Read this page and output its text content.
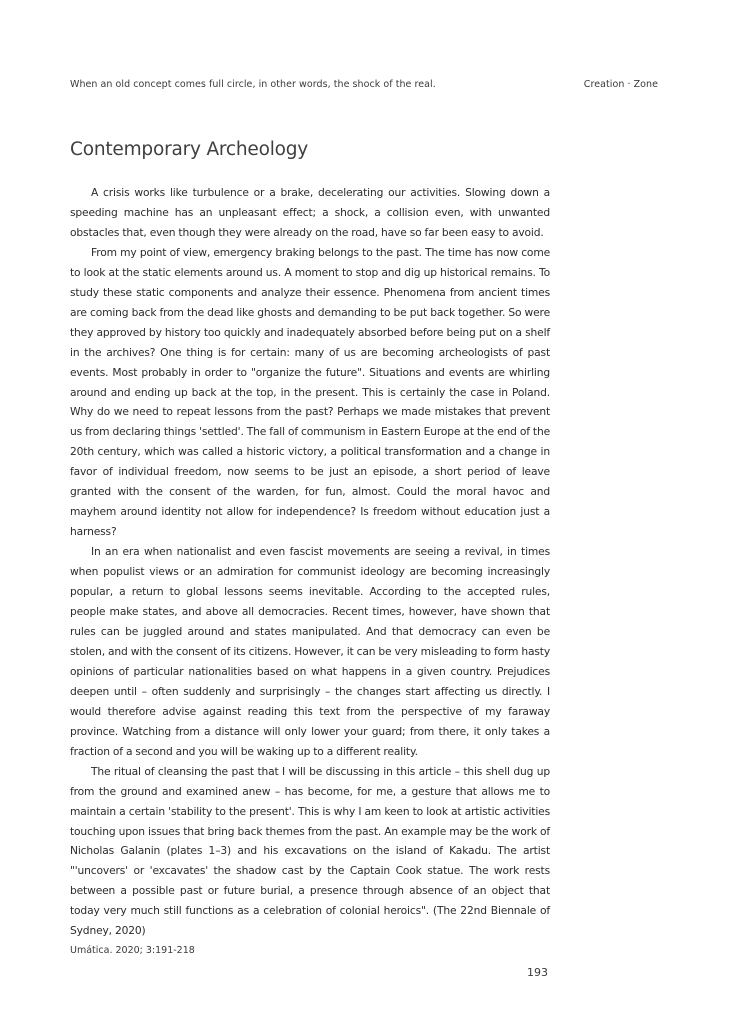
When an old concept comes full circle, in other words, the shock of the real.	Creation · Zone
Contemporary Archeology

A crisis works like turbulence or a brake, decelerating our activities. Slowing down a speeding machine has an unpleasant effect; a shock, a collision even, with unwanted obstacles that, even though they were already on the road, have so far been easy to avoid.

From my point of view, emergency braking belongs to the past. The time has now come to look at the static elements around us. A moment to stop and dig up historical remains. To study these static components and analyze their essence. Phenomena from ancient times are coming back from the dead like ghosts and demanding to be put back together. So were they approved by history too quickly and inadequately absorbed before being put on a shelf in the archives? One thing is for certain: many of us are becoming archeologists of past events. Most probably in order to "organize the future". Situations and events are whirling around and ending up back at the top, in the present. This is certainly the case in Poland. Why do we need to repeat lessons from the past? Perhaps we made mistakes that prevent us from declaring things 'settled'. The fall of communism in Eastern Europe at the end of the 20th century, which was called a historic victory, a political transformation and a change in favor of individual freedom, now seems to be just an episode, a short period of leave granted with the consent of the warden, for fun, almost. Could the moral havoc and mayhem around identity not allow for independence? Is freedom without education just a harness?

In an era when nationalist and even fascist movements are seeing a revival, in times when populist views or an admiration for communist ideology are becoming increasingly popular, a return to global lessons seems inevitable. According to the accepted rules, people make states, and above all democracies. Recent times, however, have shown that rules can be juggled around and states manipulated. And that democracy can even be stolen, and with the consent of its citizens. However, it can be very misleading to form hasty opinions of particular nationalities based on what happens in a given country. Prejudices deepen until – often suddenly and surprisingly – the changes start affecting us directly. I would therefore advise against reading this text from the perspective of my faraway province. Watching from a distance will only lower your guard; from there, it only takes a fraction of a second and you will be waking up to a different reality.

The ritual of cleansing the past that I will be discussing in this article – this shell dug up from the ground and examined anew – has become, for me, a gesture that allows me to maintain a certain 'stability to the present'. This is why I am keen to look at artistic activities touching upon issues that bring back themes from the past. An example may be the work of Nicholas Galanin (plates 1–3) and his excavations on the island of Kakadu. The artist "'uncovers' or 'excavates' the shadow cast by the Captain Cook statue. The work rests between a possible past or future burial, a presence through absence of an object that today very much still functions as a celebration of colonial heroics". (The 22nd Biennale of Sydney, 2020)

Umática. 2020; 3:191-218
193
